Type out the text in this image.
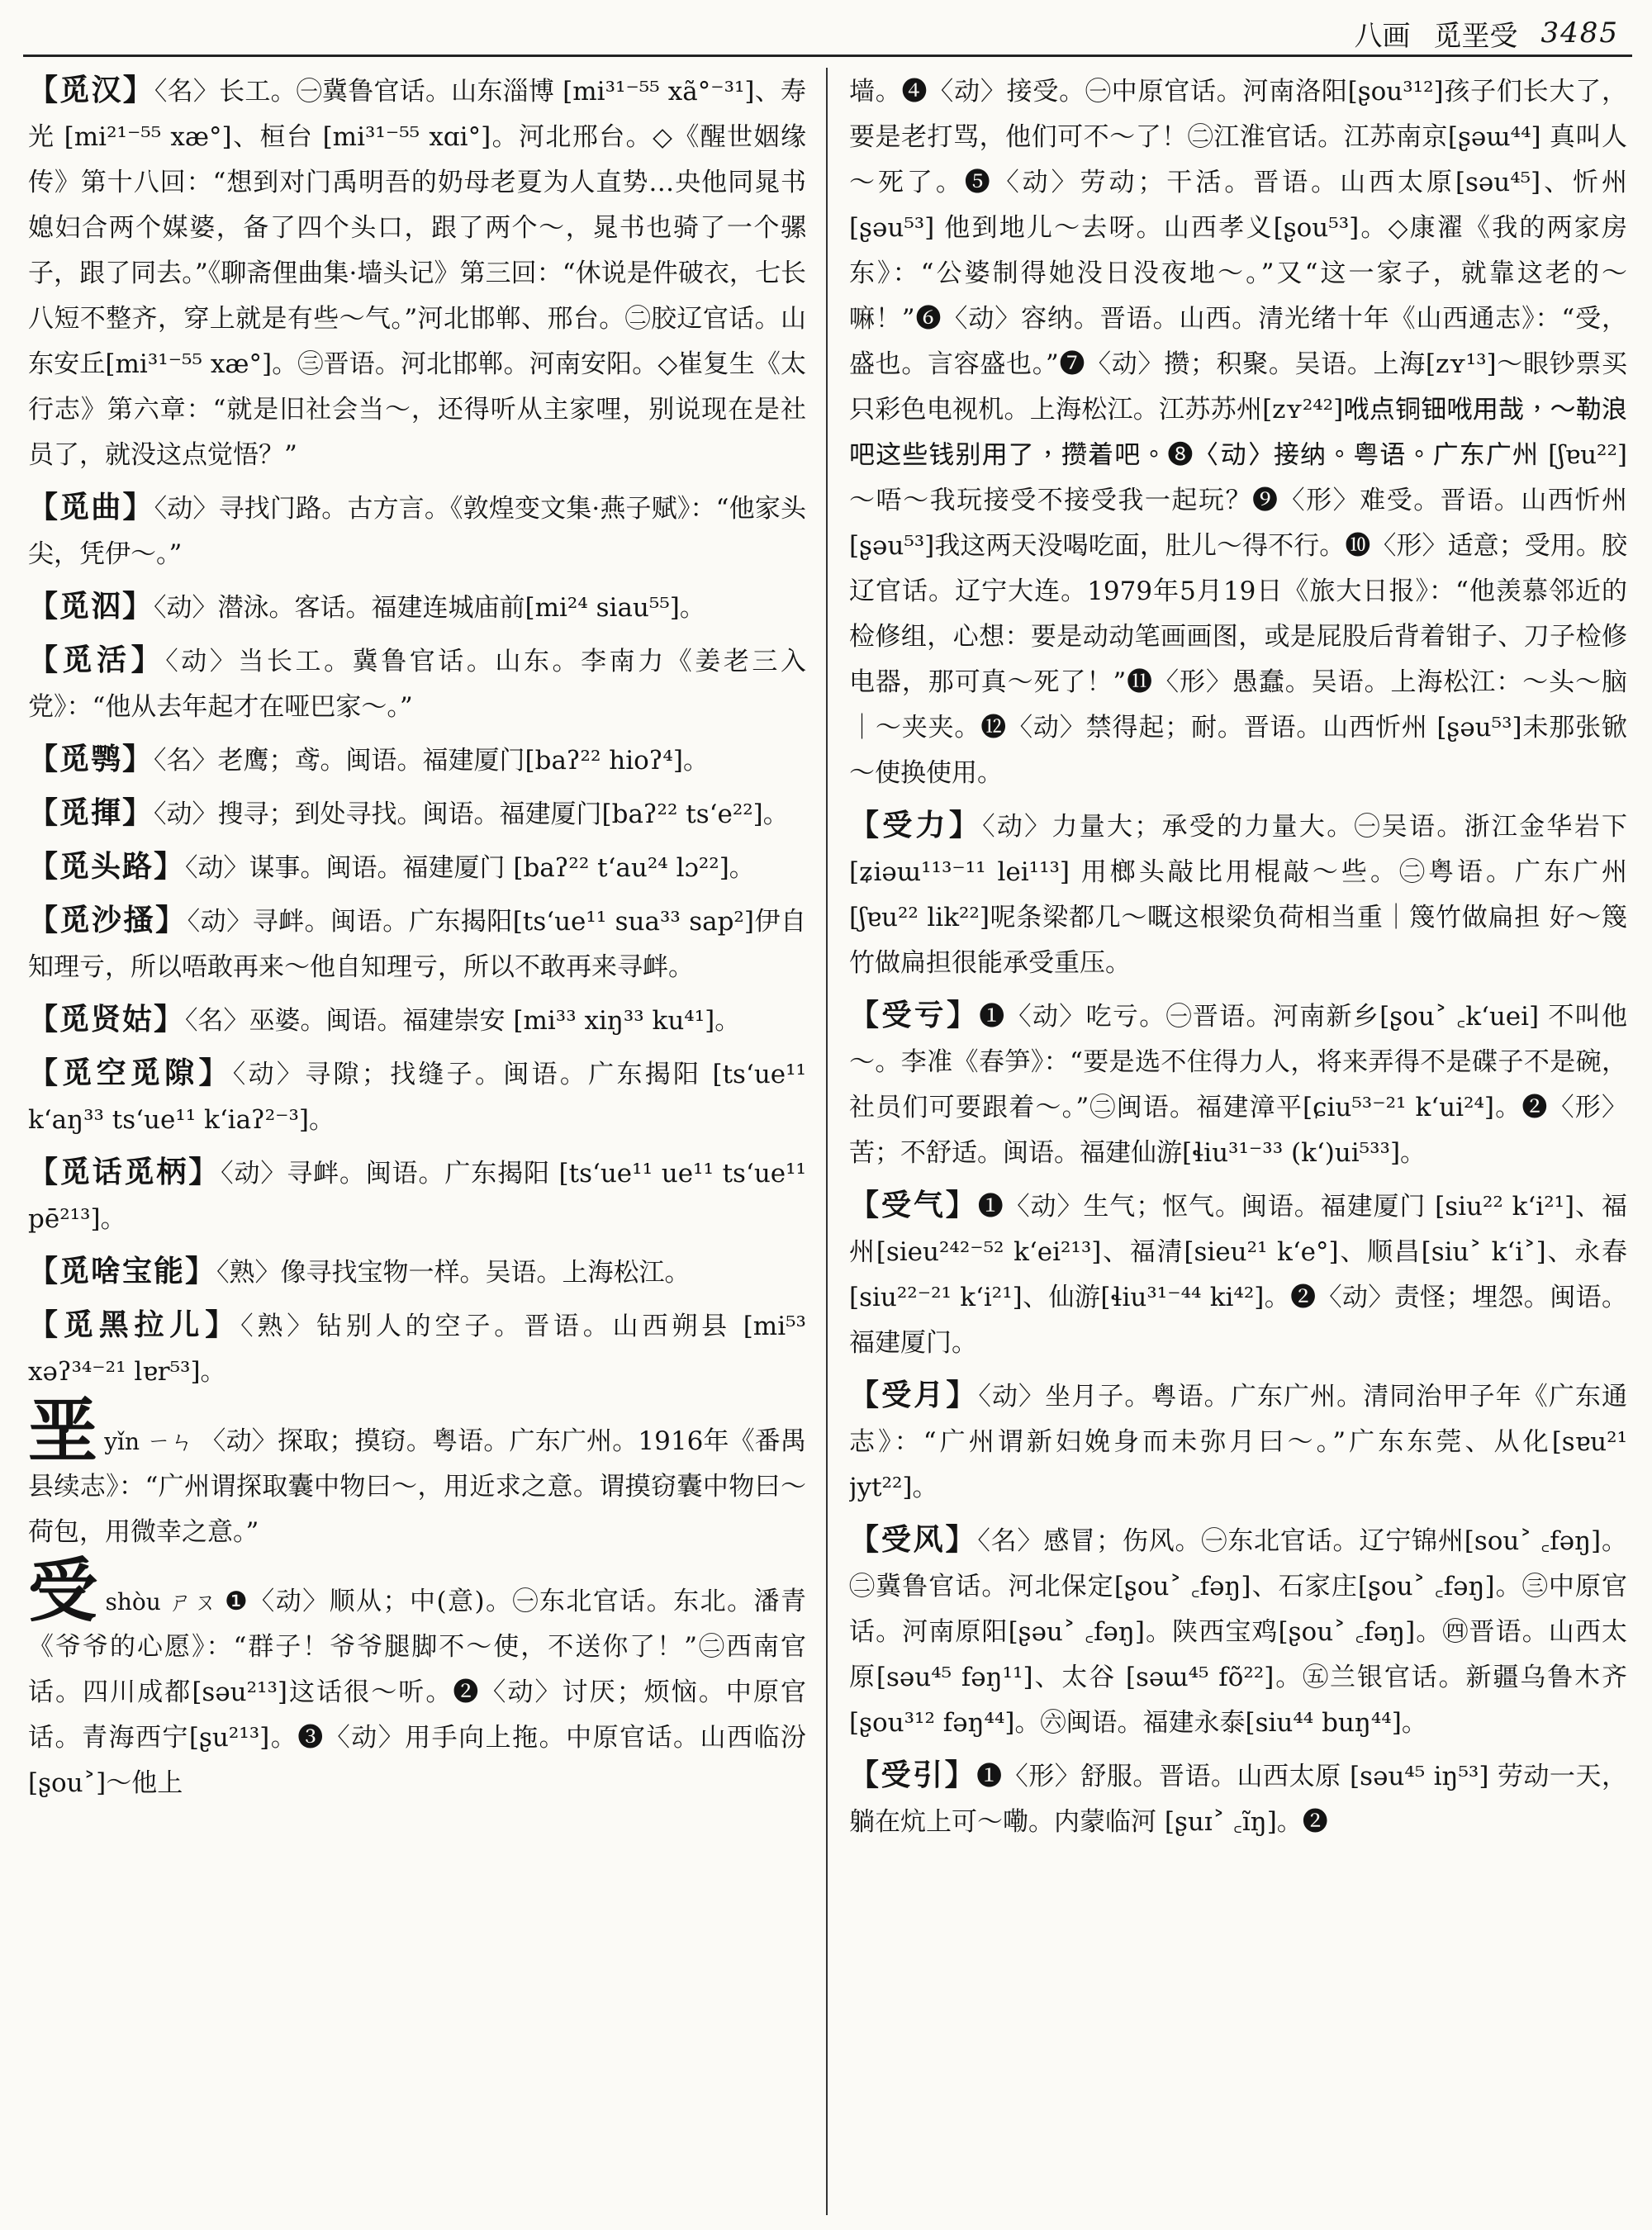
八画 觅垩受 3485
【觅汉】〈名〉长工。㊀冀鲁官话。山东淄博 [mi³¹⁻⁵⁵ xã°⁻³¹]、寿光 [mi²¹⁻⁵⁵ xæ°]、桓台 [mi³¹⁻⁵⁵ xɑi°]。河北邢台。◇《醒世姻缘传》第十八回：“想到对门禹明吾的奶母老夏为人直势…央他同晁书媳妇合两个媒婆，备了四个头口，跟了两个～，晁书也骑了一个骡子，跟了同去。”《聊斋俚曲集·墙头记》第三回：“休说是件破衣，七长八短不整齐，穿上就是有些～气。”河北邯郸、邢台。㊁胶辽官话。山东安丘[mi³¹⁻⁵⁵ xæ°]。㊂晋语。河北邯郸。河南安阳。◇崔复生《太行志》第六章：“就是旧社会当～，还得听从主家哩，别说现在是社员了，就没这点觉悟？”
【觅曲】〈动〉寻找门路。古方言。《敦煌变文集·燕子赋》：“他家头尖，凭伊～。”
【觅泅】〈动〉潜泳。客话。福建连城庙前[mi²⁴ siau⁵⁵]。
【觅活】〈动〉当长工。冀鲁官话。山东。李南力《姜老三入党》：“他从去年起才在哑巴家～。”
【觅鹗】〈名〉老鹰；鸢。闽语。福建厦门[baʔ²² hioʔ⁴]。
【觅揮】〈动〉搜寻；到处寻找。闽语。福建厦门[baʔ²² tsʻe²²]。
【觅头路】〈动〉谋事。闽语。福建厦门 [baʔ²² tʻau²⁴ lɔ²²]。
【觅沙搔】〈动〉寻衅。闽语。广东揭阳[tsʻue¹¹ sua³³ sap²]伊自知理亏，所以唔敢再来～他自知理亏，所以不敢再来寻衅。
【觅贤姑】〈名〉巫婆。闽语。福建崇安 [mi³³ xiŋ³³ ku⁴¹]。
【觅空觅隙】〈动〉寻隙；找缝子。闽语。广东揭阳 [tsʻue¹¹ kʻaŋ³³ tsʻue¹¹ kʻiaʔ²⁻³]。
【觅话觅柄】〈动〉寻衅。闽语。广东揭阳 [tsʻue¹¹ ue¹¹ tsʻue¹¹ pē²¹³]。
【觅啥宝能】〈熟〉像寻找宝物一样。吴语。上海松江。
【觅黑拉儿】〈熟〉钻别人的空子。晋语。山西朔县 [mi⁵³ xəʔ³⁴⁻²¹ lɐr⁵³]。
垩yǐn ㄧㄣ 〈动〉探取；摸窃。粤语。广东广州。1916年《番禺县续志》：“广州谓探取囊中物曰～，用近求之意。谓摸窃囊中物曰～荷包，用微幸之意。”
受shòu ㄕㄡ ❶〈动〉顺从；中(意)。㊀东北官话。东北。潘青《爷爷的心愿》：“群子！爷爷腿脚不～使，不送你了！”㊁西南官话。四川成都[səu²¹³]这话很～听。❷〈动〉讨厌；烦恼。中原官话。青海西宁[ʂu²¹³]。❸〈动〉用手向上拖。中原官话。山西临汾[ʂou˃]～他上
墙。❹〈动〉接受。㊀中原官话。河南洛阳[ʂou³¹²]孩子们长大了，要是老打骂，他们可不～了！㊁江淮官话。江苏南京[ʂəɯ⁴⁴] 真叫人～死了。❺〈动〉劳动；干活。晋语。山西太原[səu⁴⁵]、忻州[ʂəu⁵³] 他到地儿～去呀。山西孝义[ʂou⁵³]。◇康濯《我的两家房东》：“公婆制得她没日没夜地～。”又“这一家子，就靠这老的～嘛！”❻〈动〉容纳。晋语。山西。清光绪十年《山西通志》：“受，盛也。言容盛也。”❼〈动〉攒；积聚。吴语。上海[zʏ¹³]～眼钞票买只彩色电视机。上海松江。江苏苏州[zʏ²⁴²]𠲎点铜钿𠲎用哉，～勒浪吧这些钱别用了，攒着吧。❽〈动〉接纳。粤语。广东广州 [ʃɐu²²]～唔～我玩接受不接受我一起玩？❾〈形〉难受。晋语。山西忻州[ʂəu⁵³]我这两天没喝吃面，肚儿～得不行。❿〈形〉适意；受用。胶辽官话。辽宁大连。1979年5月19日《旅大日报》：“他羡慕邻近的检修组，心想：要是动动笔画画图，或是屁股后背着钳子、刀子检修电器，那可真～死了！”⓫〈形〉愚蠢。吴语。上海松江：～头～脑｜～夹夹。⓬〈动〉禁得起；耐。晋语。山西忻州 [ʂəu⁵³]未那张锨～使换使用。
【受力】〈动〉力量大；承受的力量大。㊀吴语。浙江金华岩下 [ʑiəɯ¹¹³⁻¹¹ lei¹¹³] 用榔头敲比用棍敲～些。㊁粤语。广东广州[ʃɐu²² lik²²]呢条梁都几～嘅这根梁负荷相当重｜篾竹做扁担 好～篾竹做扁担很能承受重压。
【受亏】❶〈动〉吃亏。㊀晋语。河南新乡[ʂou˃ ꜀kʻuei] 不叫他～。李准《春笋》：“要是选不住得力人，将来弄得不是碟子不是碗，社员们可要跟着～。”㊁闽语。福建漳平[ɕiu⁵³⁻²¹ kʻui²⁴]。❷〈形〉苦；不舒适。闽语。福建仙游[ɬiu³¹⁻³³ (kʻ)ui⁵³³]。
【受气】❶〈动〉生气；怄气。闽语。福建厦门 [siu²² kʻi²¹]、福州[sieu²⁴²⁻⁵² kʻei²¹³]、福清[sieu²¹ kʻe°]、顺昌[siu˃ kʻi˃]、永春[siu²²⁻²¹ kʻi²¹]、仙游[ɬiu³¹⁻⁴⁴ ki⁴²]。❷〈动〉责怪；埋怨。闽语。福建厦门。
【受月】〈动〉坐月子。粤语。广东广州。清同治甲子年《广东通志》：“广州谓新妇娩身而未弥月曰～。”广东东莞、从化[sɐu²¹ jyt²²]。
【受风】〈名〉感冒；伤风。㊀东北官话。辽宁锦州[sou˃ ꜀fəŋ]。㊁冀鲁官话。河北保定[ʂou˃ ꜀fəŋ]、石家庄[ʂou˃ ꜀fəŋ]。㊂中原官话。河南原阳[ʂəu˃ ꜀fəŋ]。陕西宝鸡[ʂou˃ ꜀fəŋ]。㊃晋语。山西太原[səu⁴⁵ fəŋ¹¹]、太谷 [səɯ⁴⁵ fõ²²]。㊄兰银官话。新疆乌鲁木齐[ʂou³¹² fəŋ⁴⁴]。㊅闽语。福建永泰[siu⁴⁴ buŋ⁴⁴]。
【受引】❶〈形〉舒服。晋语。山西太原 [səu⁴⁵ iŋ⁵³] 劳动一天，躺在炕上可～嘞。内蒙临河 [ʂuɪ˃ ꜀ĩŋ]。❷
